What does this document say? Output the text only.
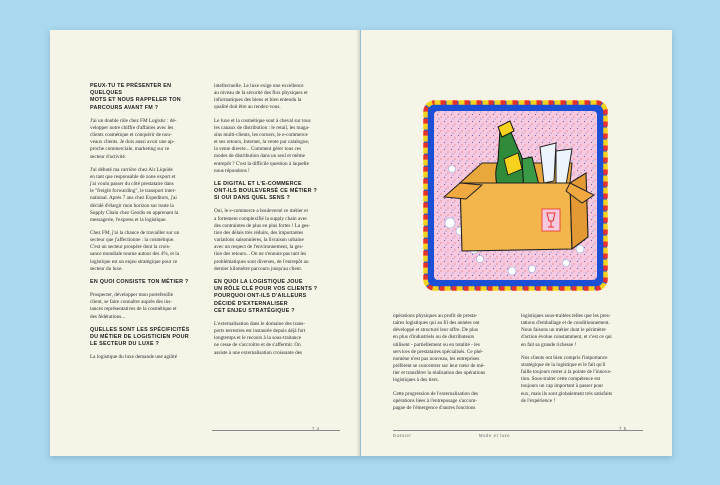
PEUX-TU TE PRÉSENTER EN QUELQUES
MOTS ET NOUS RAPPELER TON
PARCOURS AVANT FM ?

J'ai un double rôle chez FM Logistic : dé-
velopper notre chiffre d'affaires avec les
clients cosmétique et conquérir de nou-
veaux clients. Je dois aussi avoir une ap-
proche commerciale, marketing sur ce
secteur d'activité.

J'ai débuté ma carrière chez Air Liquide
en tant que responsable de zone export et
j'ai voulu passer du côté prestataire dans
le "freight forwarding", le transport inter-
national. Après 7 ans chez Expeditors, j'ai
décidé d'élargir mon horizon sur toute la
Supply Chain chez Geodis en apprenant la
messagerie, l'express et la logistique.

Chez FM, j'ai la chance de travailler sur un
secteur que j'affectionne : la cosmétique.
C'est un secteur prospère dont la crois-
sance mondiale tourne autour des 4%, et la
logistique est un enjeu stratégique pour ce
secteur du luxe.

EN QUOI CONSISTE TON MÉTIER ?

Prospecter, développer mon portefeuille
client, se faire connaître auprès des ins-
tances représentatives de la cosmétique et
des fédérations...

QUELLES SONT LES SPÉCIFICITÉS
DU MÉTIER DE LOGISTICIEN POUR
LE SECTEUR DU LUXE ?

La logistique du luxe demande une agilité

intellectuelle. Le luxe exige une excellence
au niveau de la sécurité des flux physiques et
informatiques des biens et bien entendu la
qualité doit être au rendez-vous.

Le luxe et la cosmétique sont à cheval sur tous
les canaux de distribution : le retail, les maga-
sins multi-clients, les corners, le e-commerce
et ses retours, Internet, la vente par catalogue,
la vente directe... Comment gérer tous ces
modes de distribution dans un seul et même
entrepôt ? C'est la difficile question à laquelle
nous répondons !

LE DIGITAL ET L'E-COMMERCE
ONT-ILS BOULEVERSÉ CE MÉTIER ?
SI OUI DANS QUEL SENS ?

Oui, le e-commerce a bouleversé ce métier et
a fortement complexifié la supply chain avec
des contraintes de plus en plus fortes ! La ges-
tion des délais très réduits, des importantes
variations saisonnières, la livraison urbaine
avec un respect de l'environnement, la ges-
tion des retours... On ne s'ennuie pas tant les
problématiques sont diverses, de l'entrepôt au
dernier kilomètre parcouru jusqu'au client.

EN QUOI LA LOGISTIQUE JOUE
UN RÔLE CLÉ POUR VOS CLIENTS ?
POURQUOI ONT-ILS D'AILLEURS
DÉCIDÉ D'EXTERNALISER
CET ENJEU STRATÉGIQUE ?

L'externalisation dans le domaine des trans-
ports terrestres est instaurée depuis déjà fort
longtemps et le recours à la sous-traitance
ne cesse de s'accroître et de s'affermir. On
assiste à une externalisation croissante des

7 4

opérations physiques au profit de presta-
taires logistiques qui au fil des années ont
développé et structuré leur offre. De plus
en plus d'industriels ou de distributeurs
utilisent - partiellement ou en totalité - les
services de prestataires spécialisés. Ce phé-
nomène n'est pas nouveau, les entreprises
préfèrent se concentrer sur leur cœur de mé-
tier et transférer la réalisation des opérations
logistiques à des tiers.

Cette progression de l'externalisation des
opérations liées à l'entreposage s'accom-
pagne de l'émergence d'autres fonctions

logistiques sous-traitées telles que les pres-
tations d'emballage et de conditionnement.
Nous faisons un métier dont le périmètre
d'action évolue constamment, et c'est ce qui
en fait sa grande richesse !

Nos clients ont bien compris l'importance
stratégique de la logistique et le fait qu'il
faille toujours rester à la pointe de l'innova-
tion. Sous-traiter cette compétence est
toujours un cap important à passer pour
eux, mais ils sont globalement très satisfaits
de l'expérience !

Dossier	Mode et luxe
7 5
